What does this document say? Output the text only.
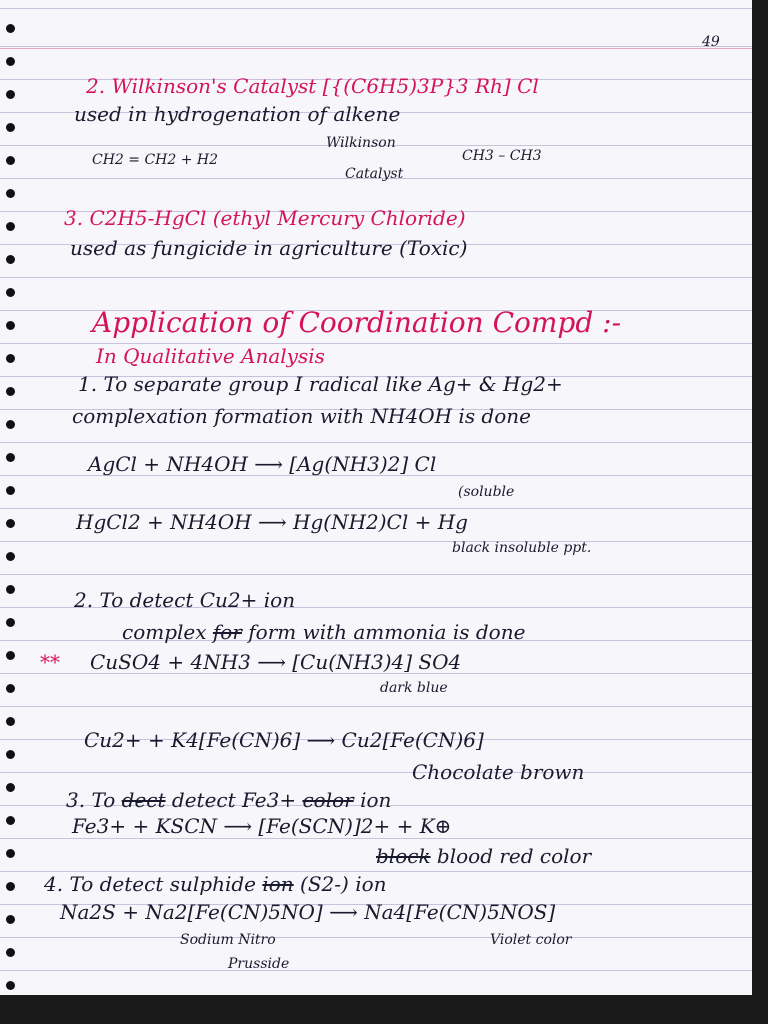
49
2. Wilkinson's Catalyst [{(C6H5)3P}3 Rh] Cl
used in hydrogenation of alkene
Wilkinson
CH2 = CH2 + H2
Catalyst
CH3 – CH3
3. C2H5-HgCl (ethyl Mercury Chloride)
used as fungicide in agriculture (Toxic)
Application of Coordination Compd :-
In Qualitative Analysis
1. To separate group I radical like Ag+ & Hg2+
complexation formation with NH4OH is done
AgCl + NH4OH ⟶ [Ag(NH3)2] Cl
(soluble
HgCl2 + NH4OH ⟶ Hg(NH2)Cl + Hg
black insoluble ppt.
2. To detect Cu2+ ion
complex for form with ammonia is done
** CuSO4 + 4NH3 ⟶ [Cu(NH3)4] SO4
dark blue
Cu2+ + K4[Fe(CN)6] ⟶ Cu2[Fe(CN)6]
Chocolate brown
3. To dect detect Fe3+ color ion
Fe3+ + KSCN ⟶ [Fe(SCN)]2+ + K⊕
block blood red color
4. To detect sulphide ion (S2-) ion
Na2S + Na2[Fe(CN)5NO] ⟶ Na4[Fe(CN)5NOS]
Sodium Nitro	Violet color
Prusside
